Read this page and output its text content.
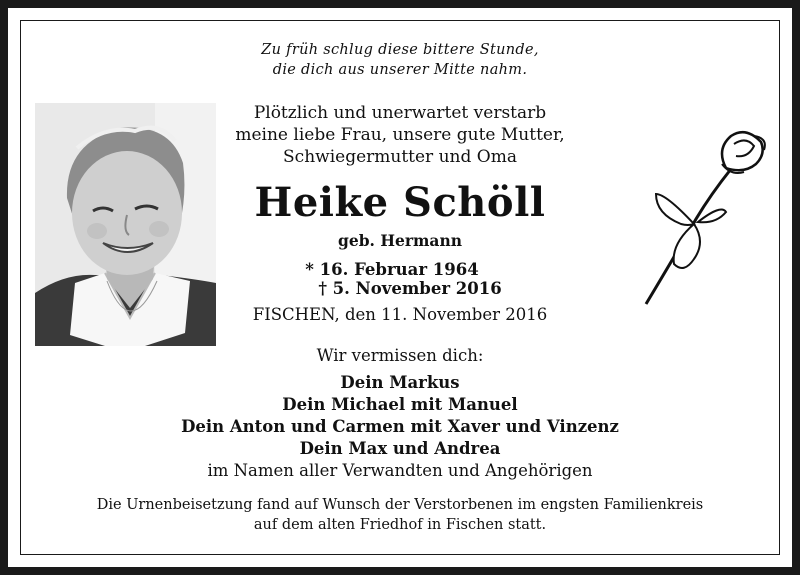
Zu früh schlug diese bittere Stunde,
die dich aus unserer Mitte nahm.
Plötzlich und unerwartet verstarb
meine liebe Frau, unsere gute Mutter,
Schwiegermutter und Oma
Heike Schöll
geb. Hermann
* 16. Februar 1964† 5. November 2016
FISCHEN, den 11. November 2016
Wir vermissen dich:
Dein Markus
Dein Michael mit Manuel
Dein Anton und Carmen mit Xaver und Vinzenz
Dein Max und Andrea
im Namen aller Verwandten und Angehörigen
Die Urnenbeisetzung fand auf Wunsch der Verstorbenen im engsten Familienkreis
auf dem alten Friedhof in Fischen statt.
